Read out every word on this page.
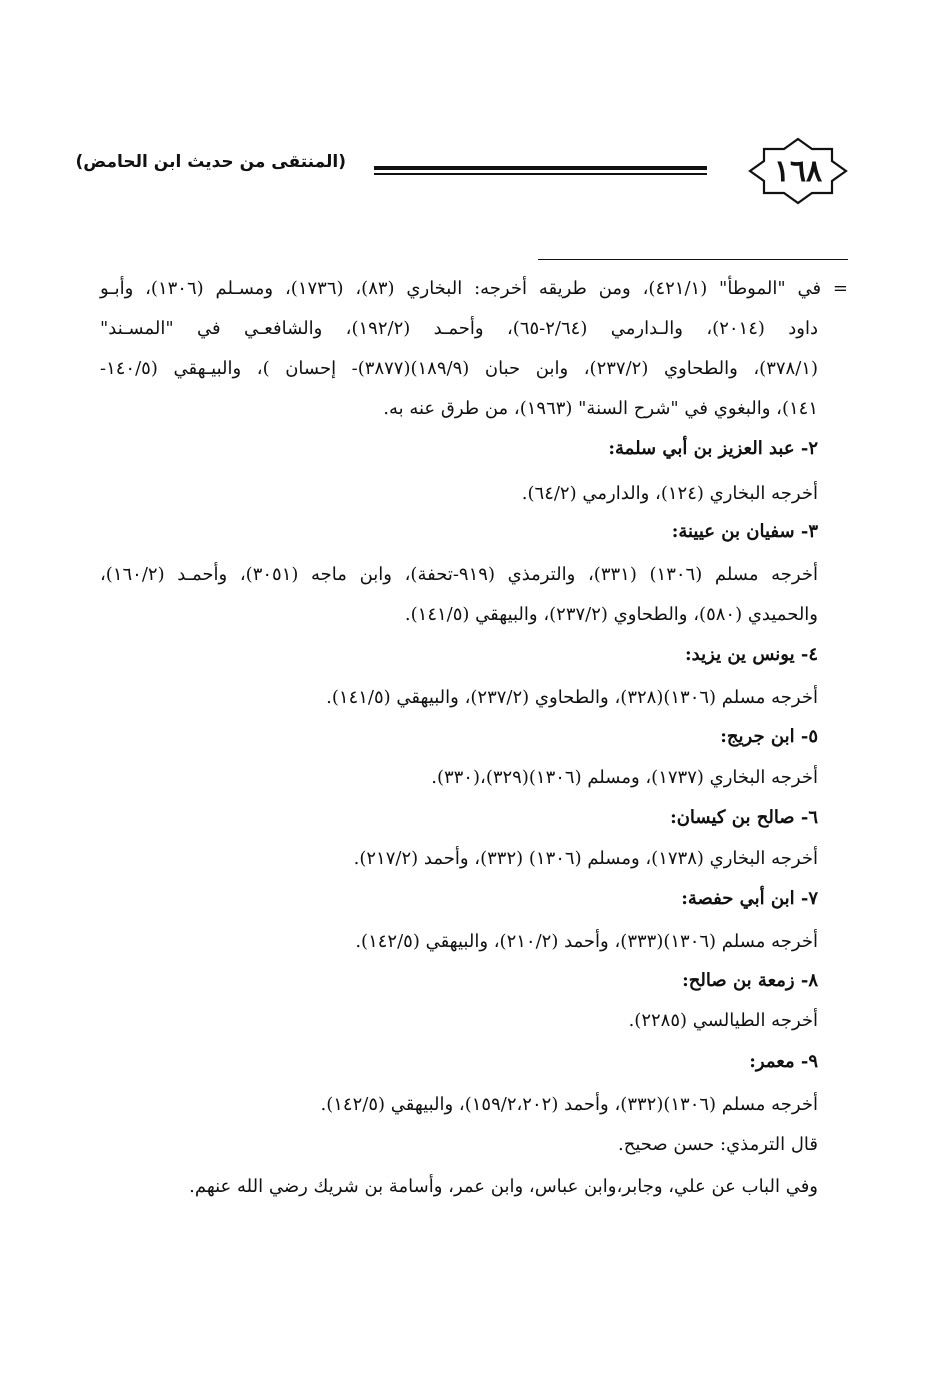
١٦٨
(المنتقى من حديث ابن الحامض)
= في "الموطأ" (٤٢١/١)، ومن طريقه أخرجه: البخاري (٨٣)، (١٧٣٦)، ومسـلم (١٣٠٦)، وأبـو
داود (٢٠١٤)، والـدارمي (٢/٦٤-٦٥)، وأحمـد (١٩٢/٢)، والشافعـي في "المسـند"
(٣٧٨/١)، والطحاوي (٢٣٧/٢)، وابن حبان (١٨٩/٩)(٣٨٧٧)- إحسان )، والبيـهقي (١٤٠/٥-
١٤١)، والبغوي في "شرح السنة" (١٩٦٣)، من طرق عنه به.
٢- عبد العزيز بن أبي سلمة:
أخرجه البخاري (١٢٤)، والدارمي (٦٤/٢).
٣- سفيان بن عيينة:
أخرجه مسلم (١٣٠٦) (٣٣١)، والترمذي (٩١٩-تحفة)، وابن ماجه (٣٠٥١)، وأحمـد (١٦٠/٢)،
والحميدي (٥٨٠)، والطحاوي (٢٣٧/٢)، والبيهقي (١٤١/٥).
٤- يونس ين يزيد:
أخرجه مسلم (١٣٠٦)(٣٢٨)، والطحاوي (٢٣٧/٢)، والبيهقي (١٤١/٥).
٥- ابن جريج:
أخرجه البخاري (١٧٣٧)، ومسلم (١٣٠٦)(٣٢٩)،(٣٣٠).
٦- صالح بن كيسان:
أخرجه البخاري (١٧٣٨)، ومسلم (١٣٠٦) (٣٣٢)، وأحمد (٢١٧/٢).
٧- ابن أبي حفصة:
أخرجه مسلم (١٣٠٦)(٣٣٣)، وأحمد (٢١٠/٢)، والبيهقي (١٤٢/٥).
٨- زمعة بن صالح:
أخرجه الطيالسي (٢٢٨٥).
٩- معمر:
أخرجه مسلم (١٣٠٦)(٣٣٢)، وأحمد (١٥٩/٢،٢٠٢)، والبيهقي (١٤٢/٥).
قال الترمذي: حسن صحيح.
وفي الباب عن علي، وجابر،وابن عباس، وابن عمر، وأسامة بن شريك رضي الله عنهم.
